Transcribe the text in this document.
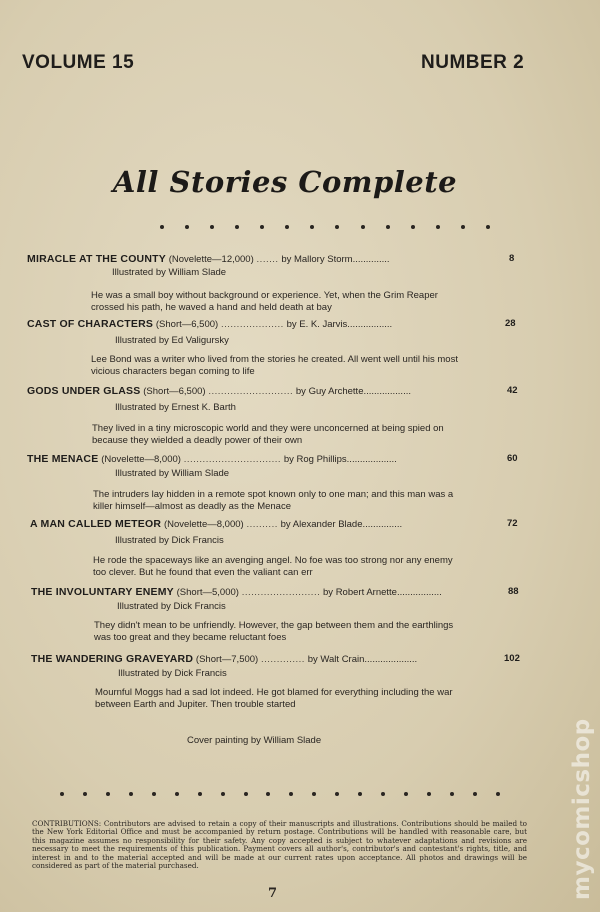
VOLUME 15	NUMBER 2
All Stories Complete
MIRACLE AT THE COUNTY (Novelette—12,000) ....... by Mallory Storm..............	8
Illustrated by William Slade
He was a small boy without background or experience. Yet, when the Grim Reaper crossed his path, he waved a hand and held death at bay
CAST OF CHARACTERS (Short—6,500) .................... by E. K. Jarvis.................	28
Illustrated by Ed Valigursky
Lee Bond was a writer who lived from the stories he created. All went well until his most vicious characters began coming to life
GODS UNDER GLASS (Short—6,500) ........................... by Guy Archette..................	42
Illustrated by Ernest K. Barth
They lived in a tiny microscopic world and they were unconcerned at being spied on because they wielded a deadly power of their own
THE MENACE (Novelette—8,000) ............................... by Rog Phillips...................	60
Illustrated by William Slade
The intruders lay hidden in a remote spot known only to one man; and this man was a killer himself—almost as deadly as the Menace
A MAN CALLED METEOR (Novelette—8,000) .......... by Alexander Blade...............	72
Illustrated by Dick Francis
He rode the spaceways like an avenging angel. No foe was too strong nor any enemy too clever. But he found that even the valiant can err
THE INVOLUNTARY ENEMY (Short—5,000) ......................... by Robert Arnette.................	88
Illustrated by Dick Francis
They didn't mean to be unfriendly. However, the gap between them and the earthlings was too great and they became reluctant foes
THE WANDERING GRAVEYARD (Short—7,500) .............. by Walt Crain....................	102
Illustrated by Dick Francis
Mournful Moggs had a sad lot indeed. He got blamed for everything including the war between Earth and Jupiter. Then trouble started
Cover painting by William Slade
CONTRIBUTIONS: Contributors are advised to retain a copy of their manuscripts and illustrations. Contributions should be mailed to the New York Editorial Office and must be accompanied by return postage. Contributions will be handled with reasonable care, but this magazine assumes no responsibility for their safety. Any copy accepted is subject to whatever adaptations and revisions are necessary to meet the requirements of this publication. Payment covers all author's, contributor's and contestant's rights, title, and interest in and to the material accepted and will be made at our current rates upon acceptance. All photos and drawings will be considered as part of the material purchased.
7	mycomicshop
